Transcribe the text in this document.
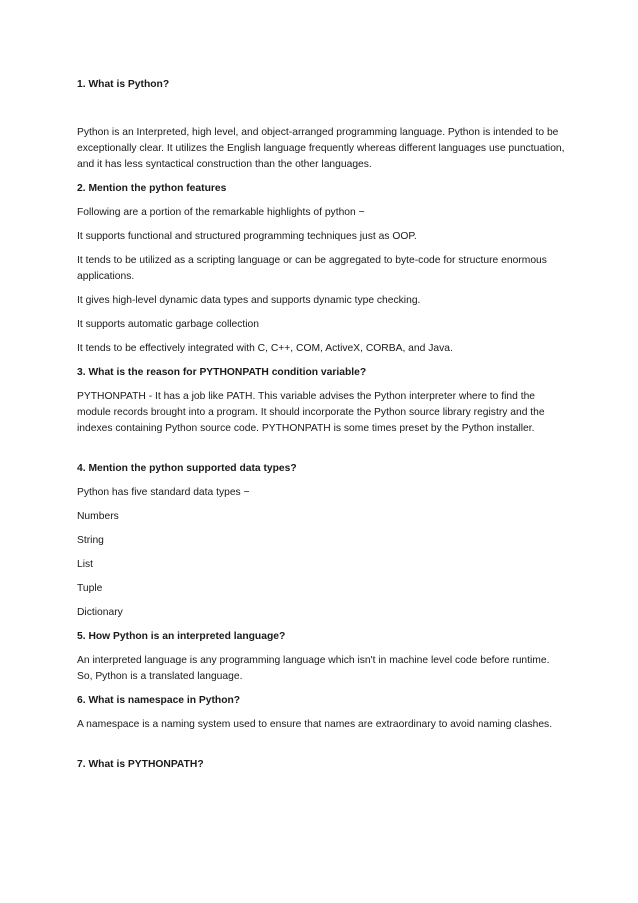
1. What is Python?

Python is an Interpreted, high level, and object-arranged programming language. Python is intended to be exceptionally clear. It utilizes the English language frequently whereas different languages use punctuation, and it has less syntactical construction than the other languages.

2. Mention the python features

Following are a portion of the remarkable highlights of python −

It supports functional and structured programming techniques just as OOP.

It tends to be utilized as a scripting language or can be aggregated to byte-code for structure enormous applications.

It gives high-level dynamic data types and supports dynamic type checking.

It supports automatic garbage collection

It tends to be effectively integrated with C, C++, COM, ActiveX, CORBA, and Java.

3. What is the reason for PYTHONPATH condition variable?

PYTHONPATH - It has a job like PATH. This variable advises the Python interpreter where to find the module records brought into a program. It should incorporate the Python source library registry and the indexes containing Python source code. PYTHONPATH is some times preset by the Python installer.

4. Mention the python supported data types?

Python has five standard data types −

Numbers

String

List

Tuple

Dictionary

5. How Python is an interpreted language?

An interpreted language is any programming language which isn't in machine level code before runtime. So, Python is a translated language.

6. What is namespace in Python?

A namespace is a naming system used to ensure that names are extraordinary to avoid naming clashes.

7. What is PYTHONPATH?
